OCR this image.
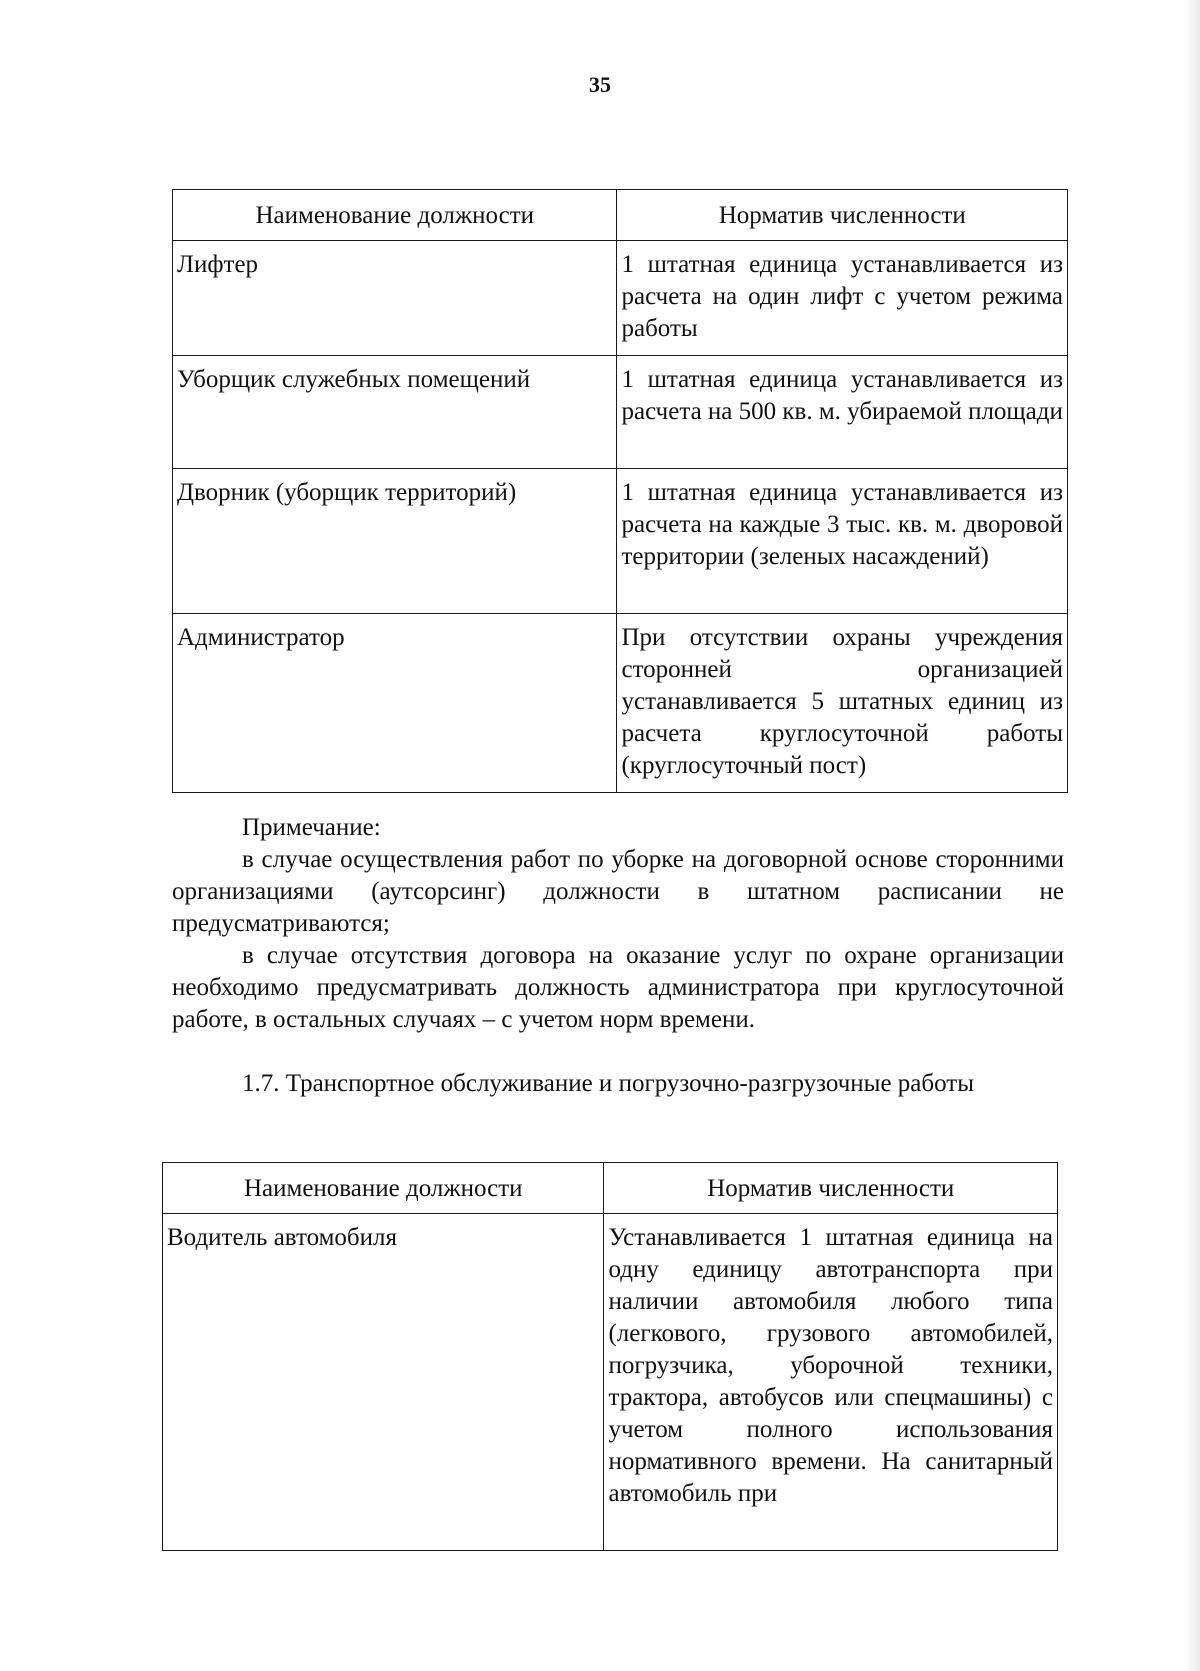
35
Наименование должности	Норматив численности
Лифтер	1 штатная единица устанавливается из расчета на один лифт с учетом режима работы
Уборщик служебных помещений	1 штатная единица устанавливается из расчета на 500 кв. м. убираемой площади
Дворник (уборщик территорий)	1 штатная единица устанавливается из расчета на каждые 3 тыс. кв. м. дворовой территории (зеленых насаждений)
Администратор	При отсутствии охраны учреждения сторонней организацией устанавливается 5 штатных единиц из расчета круглосуточной работы (круглосуточный пост)

Примечание:

в случае осуществления работ по уборке на договорной основе сторонними организациями (аутсорсинг) должности в штатном расписании не предусматриваются;

в случае отсутствия договора на оказание услуг по охране организации необходимо предусматривать должность администратора при круглосуточной работе, в остальных случаях – с учетом норм времени.

1.7. Транспортное обслуживание и погрузочно-разгрузочные работы

Наименование должности	Норматив численности
Водитель автомобиля	Устанавливается 1 штатная единица на одну единицу автотранспорта при наличии автомобиля любого типа (легкового, грузового автомобилей, погрузчика, уборочной техники, трактора, автобусов или спецмашины) с учетом полного использования нормативного времени. На санитарный автомобиль при
